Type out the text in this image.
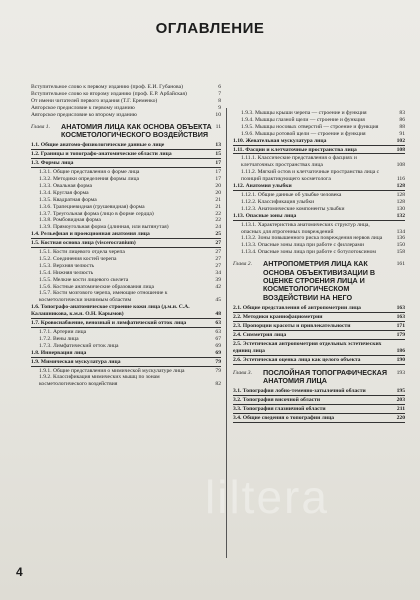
ОГЛАВЛЕНИЕ
Вступительное слово к первому изданию (проф. Е.И. Губанова)	6
Вступительное слово ко второму изданию (проф. Е.Р. Арбайская)	7
От имени читателей первого издания (Т.Г. Еременко)	8
Авторское предисловие к первому изданию	9
Авторское предисловие ко второму изданию	10
Глава 1.	11
АНАТОМИЯ ЛИЦА КАК ОСНОВА ОБЪЕКТА КОСМЕТОЛОГИЧЕСКОГО ВОЗДЕЙСТВИЯ
1.1. Общие анатомо-физиологические данные о лице	13
1.2. Границы и топографо-анатомические области лица	15
1.3. Формы лица	17
1.3.1. Общие представления о форме лица	17
1.3.2. Методики определения формы лица	17
1.3.3. Овальная форма	20
1.3.4. Круглая форма	20
1.3.5. Квадратная форма	21
1.3.6. Трапециевидная (грушевидная) форма	21
1.3.7. Треугольная форма (лицо в форме сердца)	22
1.3.8. Ромбовидная форма	22
1.3.9. Прямоугольная форма (длинная, или вытянутая)	24
1.4. Рельефная и проекционная анатомия лица	25
1.5. Костная основа лица (viscerocranium)	27
1.5.1. Кости лицевого отдела черепа	27
1.5.2. Соединения костей черепа	27
1.5.3. Верхняя челюсть	27
1.5.4. Нижняя челюсть	34
1.5.5. Мелкие кости лицевого скелета	39
1.5.6. Костные анатомические образования лица	42
1.5.7. Кости мозгового черепа, имеющие отношение к косметологически значимым областям	45
1.6. Топографо-анатомическое строение кожи лица (д.м.н. С.А. Калашникова, к.м.н. О.Н. Карымов)	48
1.7. Кровоснабжение, венозный и лимфатический отток лица	63
1.7.1. Артерии лица	63
1.7.2. Вены лица	67
1.7.3. Лимфатический отток лица	69
1.8. Иннервация лица	69
1.9. Мимическая мускулатура лица	79
1.9.1. Общие представления о мимической мускулатуре лица	79
1.9.2. Классификация мимических мышц по зонам косметологического воздействия	82
1.9.3. Мышцы крыши черепа — строение и функция	83
1.9.4. Мышцы глазной щели — строение и функция	86
1.9.5. Мышцы носовых отверстий — строение и функция	88
1.9.6. Мышцы ротовой щели — строение и функция	91
1.10. Жевательная мускулатура лица	102
1.11. Фасции и клетчаточные пространства лица	108
1.11.1. Классические представления о фасциях и клетчаточных пространствах лица	108
1.11.2. Мягкий остов и клетчаточные пространства лица с позиций практикующего косметолога	116
1.12. Анатомия улыбки	128
1.12.1. Общие данные об улыбке человека	128
1.12.2. Классификация улыбки	128
1.12.3. Анатомические компоненты улыбки	130
1.13. Опасные зоны лица	132
1.13.1. Характеристика анатомических структур лица, опасных для ятрогенных повреждений	134
1.13.2. Зоны повышенного риска повреждения нервов лица	136
1.13.3. Опасные зоны лица при работе с филлерами	150
1.13.4. Опасные зоны лица при работе с ботулотоксином	158
Глава 2.	161
АНТРОПОМЕТРИЯ ЛИЦА КАК ОСНОВА ОБЪЕКТИВИЗАЦИИ В ОЦЕНКЕ СТРОЕНИЯ ЛИЦА И КОСМЕТОЛОГИЧЕСКОМ ВОЗДЕЙСТВИИ НА НЕГО
2.1. Общие представления об антропометрии лица	163
2.2. Методики краниофациометрии	163
2.3. Пропорции красоты и привлекательности	171
2.4. Симметрия лица	179
2.5. Эстетическая антропометрия отдельных эстетических единиц лица	186
2.6. Эстетическая оценка лица как целого объекта	190
Глава 3.	193
ПОСЛОЙНАЯ ТОПОГРАФИЧЕСКАЯ АНАТОМИЯ ЛИЦА
3.1. Топография лобно-теменно-затылочной области	195
3.2. Топография височной области	203
3.3. Топография глазничной области	211
3.4. Общие сведения о топографии лица	220
liltera
4
